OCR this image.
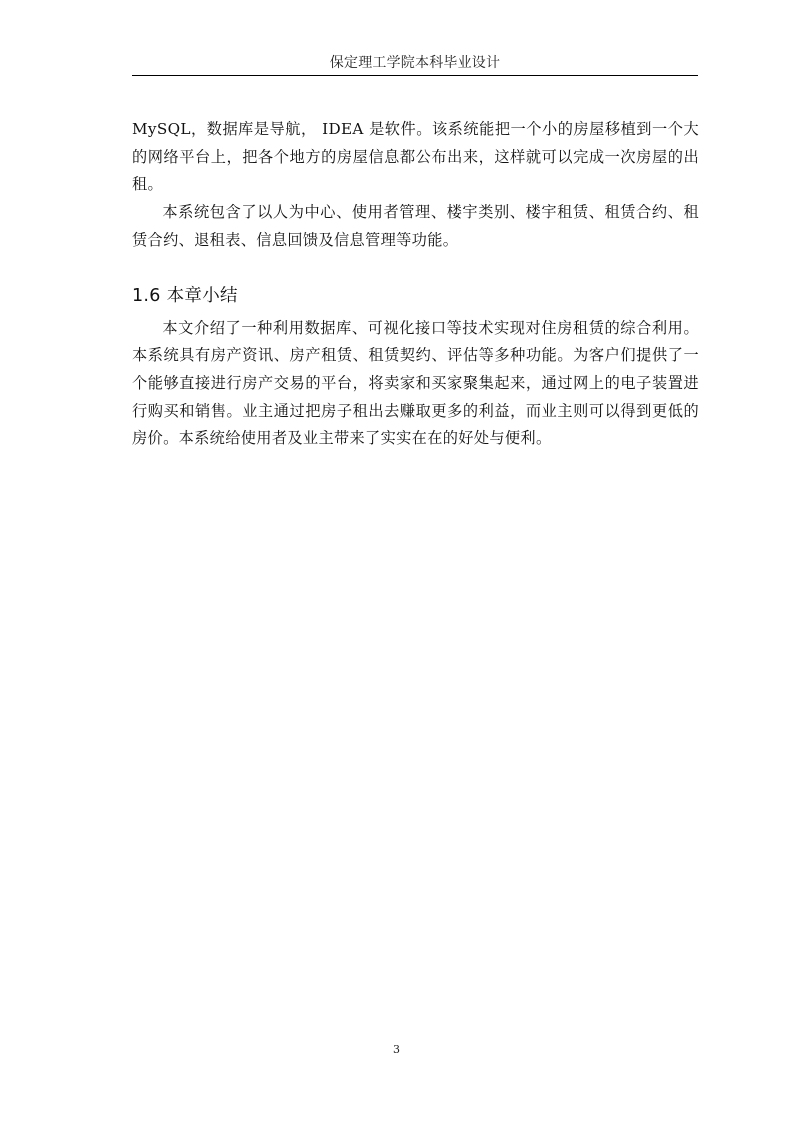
保定理工学院本科毕业设计

MySQL，数据库是导航， IDEA 是软件。该系统能把一个小的房屋移植到一个大的网络平台上，把各个地方的房屋信息都公布出来，这样就可以完成一次房屋的出租。

本系统包含了以人为中心、使用者管理、楼宇类别、楼宇租赁、租赁合约、租赁合约、退租表、信息回馈及信息管理等功能。

1.6 本章小结

本文介绍了一种利用数据库、可视化接口等技术实现对住房租赁的综合利用。本系统具有房产资讯、房产租赁、租赁契约、评估等多种功能。为客户们提供了一个能够直接进行房产交易的平台，将卖家和买家聚集起来，通过网上的电子装置进行购买和销售。业主通过把房子租出去赚取更多的利益，而业主则可以得到更低的房价。本系统给使用者及业主带来了实实在在的好处与便利。

3
